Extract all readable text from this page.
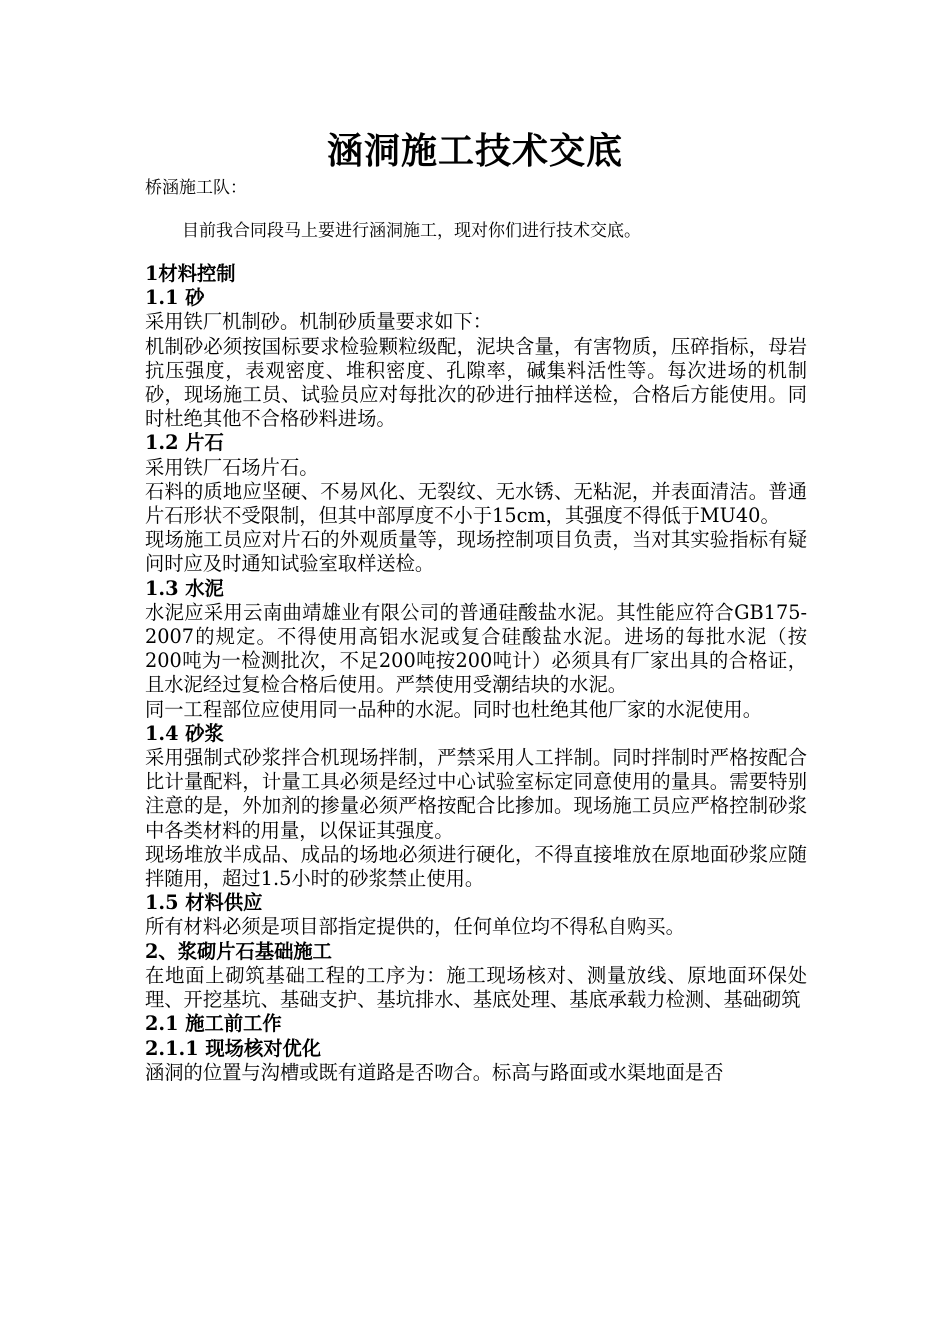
涵洞施工技术交底
桥涵施工队：
目前我合同段马上要进行涵洞施工，现对你们进行技术交底。

1材料控制

1.1 砂

采用铁厂机制砂。机制砂质量要求如下：

机制砂必须按国标要求检验颗粒级配，泥块含量，有害物质，压碎指标，母岩抗压强度，表观密度、堆积密度、孔隙率，碱集料活性等。每次进场的机制砂，现场施工员、试验员应对每批次的砂进行抽样送检，合格后方能使用。同时杜绝其他不合格砂料进场。

1.2 片石

采用铁厂石场片石。

石料的质地应坚硬、不易风化、无裂纹、无水锈、无粘泥，并表面清洁。普通片石形状不受限制，但其中部厚度不小于15cm，其强度不得低于MU40。

现场施工员应对片石的外观质量等，现场控制项目负责，当对其实验指标有疑问时应及时通知试验室取样送检。

1.3 水泥

水泥应采用云南曲靖雄业有限公司的普通硅酸盐水泥。其性能应符合GB175-2007的规定。不得使用高铝水泥或复合硅酸盐水泥。进场的每批水泥（按200吨为一检测批次，不足200吨按200吨计）必须具有厂家出具的合格证，且水泥经过复检合格后使用。严禁使用受潮结块的水泥。

同一工程部位应使用同一品种的水泥。同时也杜绝其他厂家的水泥使用。

1.4 砂浆

采用强制式砂浆拌合机现场拌制，严禁采用人工拌制。同时拌制时严格按配合比计量配料，计量工具必须是经过中心试验室标定同意使用的量具。需要特别注意的是，外加剂的掺量必须严格按配合比掺加。现场施工员应严格控制砂浆中各类材料的用量，以保证其强度。

现场堆放半成品、成品的场地必须进行硬化，不得直接堆放在原地面砂浆应随拌随用，超过1.5小时的砂浆禁止使用。

1.5 材料供应

所有材料必须是项目部指定提供的，任何单位均不得私自购买。

2、浆砌片石基础施工

在地面上砌筑基础工程的工序为：施工现场核对、测量放线、原地面环保处理、开挖基坑、基础支护、基坑排水、基底处理、基底承载力检测、基础砌筑

2.1 施工前工作

2.1.1 现场核对优化

涵洞的位置与沟槽或既有道路是否吻合。标高与路面或水渠地面是否
